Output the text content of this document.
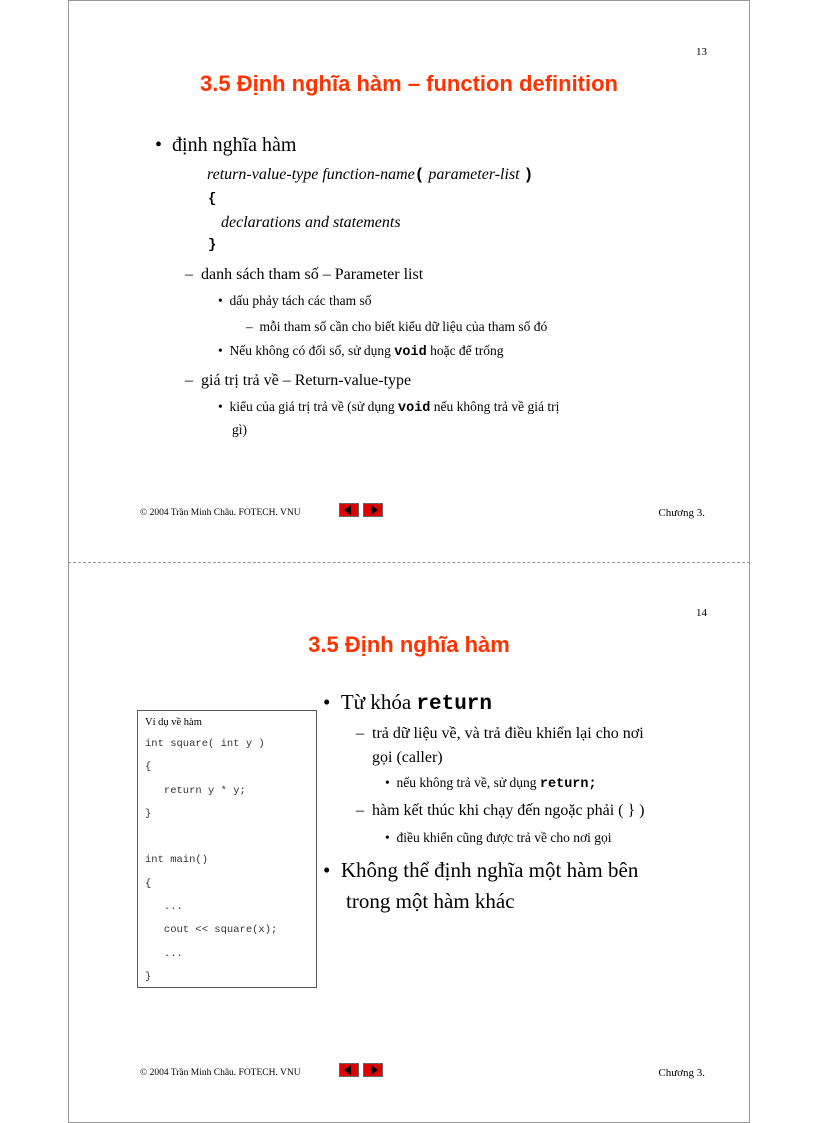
13
3.5 Định nghĩa hàm – function definition
•  định nghĩa hàm
return-value-type function-name( parameter-list )
{
declarations and statements
}
–  danh sách tham số – Parameter list
•  dấu phảy tách các tham số
–  mỗi tham số cần cho biết kiểu dữ liệu của tham số đó
•  Nếu không có đối số, sử dụng void hoặc để trống
–  giá trị trả về – Return-value-type
•  kiểu của giá trị trả về (sử dụng void nếu không trả về giá trị
gì)
© 2004 Trần Minh Châu. FOTECH. VNU	Chương 3.
14
3.5 Định nghĩa hàm
Ví dụ về hàm
int square( int y )
{
return y * y;
}
int main()
{
...
cout << square(x);
...
}
•  Từ khóa return
–  trả dữ liệu về, và trả điều khiển lại cho nơi
gọi (caller)
•  nếu không trả về, sử dụng return;
–  hàm kết thúc khi chạy đến ngoặc phải ( } )
•  điều khiển cũng được trả về cho nơi gọi
•  Không thể định nghĩa một hàm bên
trong một hàm khác
© 2004 Trần Minh Châu. FOTECH. VNU	Chương 3.
